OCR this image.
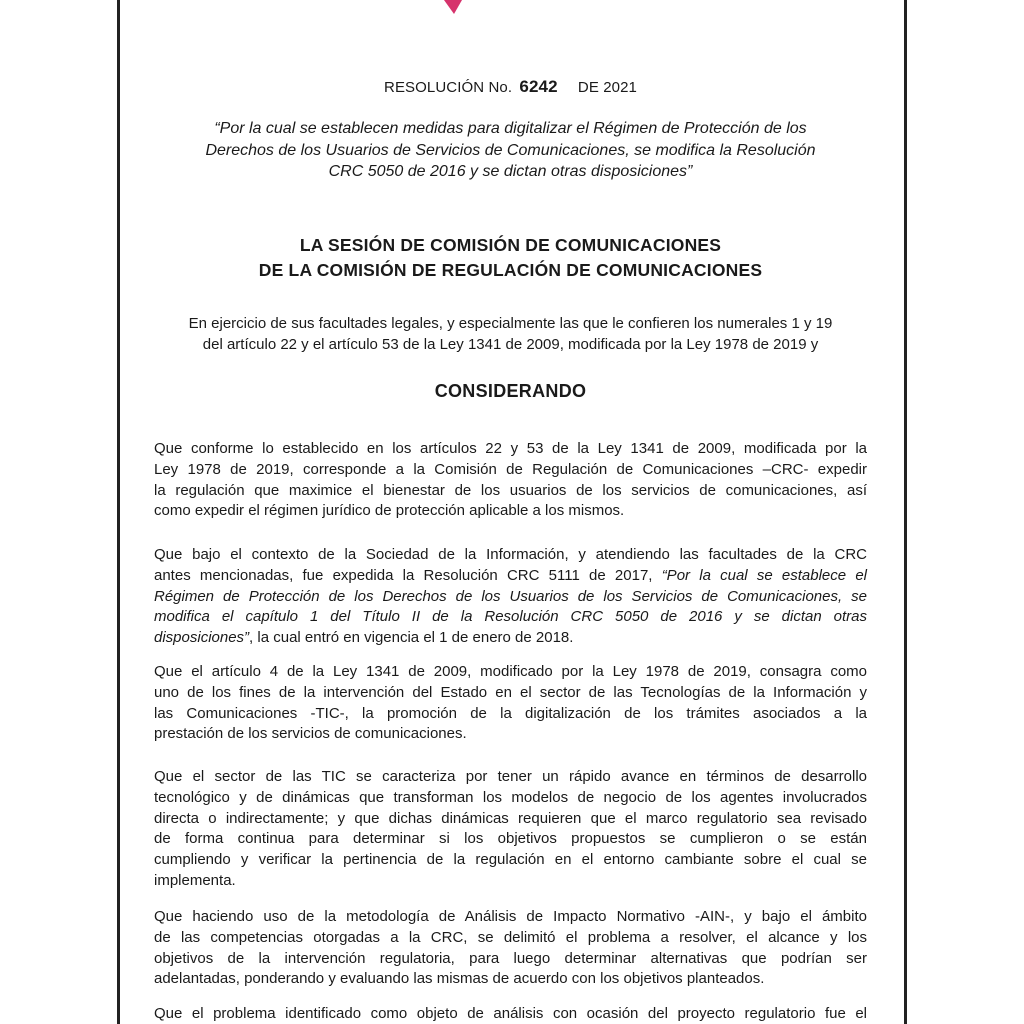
RESOLUCIÓN No. 6242 DE 2021
“Por la cual se establecen medidas para digitalizar el Régimen de Protección de los
Derechos de los Usuarios de Servicios de Comunicaciones, se modifica la Resolución
CRC 5050 de 2016 y se dictan otras disposiciones”
LA SESIÓN DE COMISIÓN DE COMUNICACIONES
DE LA COMISIÓN DE REGULACIÓN DE COMUNICACIONES
En ejercicio de sus facultades legales, y especialmente las que le confieren los numerales 1 y 19
del artículo 22 y el artículo 53 de la Ley 1341 de 2009, modificada por la Ley 1978 de 2019 y
CONSIDERANDO
Que conforme lo establecido en los artículos 22 y 53 de la Ley 1341 de 2009, modificada por la
Ley 1978 de 2019, corresponde a la Comisión de Regulación de Comunicaciones –CRC- expedir
la regulación que maximice el bienestar de los usuarios de los servicios de comunicaciones, así
como expedir el régimen jurídico de protección aplicable a los mismos.
Que bajo el contexto de la Sociedad de la Información, y atendiendo las facultades de la CRC
antes mencionadas, fue expedida la Resolución CRC 5111 de 2017, “Por la cual se establece el
Régimen de Protección de los Derechos de los Usuarios de los Servicios de Comunicaciones, se
modifica el capítulo 1 del Título II de la Resolución CRC 5050 de 2016 y se dictan otras
disposiciones”, la cual entró en vigencia el 1 de enero de 2018.
Que el artículo 4 de la Ley 1341 de 2009, modificado por la Ley 1978 de 2019, consagra como
uno de los fines de la intervención del Estado en el sector de las Tecnologías de la Información y
las Comunicaciones -TIC-, la promoción de la digitalización de los trámites asociados a la
prestación de los servicios de comunicaciones.
Que el sector de las TIC se caracteriza por tener un rápido avance en términos de desarrollo
tecnológico y de dinámicas que transforman los modelos de negocio de los agentes involucrados
directa o indirectamente; y que dichas dinámicas requieren que el marco regulatorio sea revisado
de forma continua para determinar si los objetivos propuestos se cumplieron o se están
cumpliendo y verificar la pertinencia de la regulación en el entorno cambiante sobre el cual se
implementa.
Que haciendo uso de la metodología de Análisis de Impacto Normativo -AIN-, y bajo el ámbito
de las competencias otorgadas a la CRC, se delimitó el problema a resolver, el alcance y los
objetivos de la intervención regulatoria, para luego determinar alternativas que podrían ser
adelantadas, ponderando y evaluando las mismas de acuerdo con los objetivos planteados.
Que el problema identificado como objeto de análisis con ocasión del proyecto regulatorio fue el
